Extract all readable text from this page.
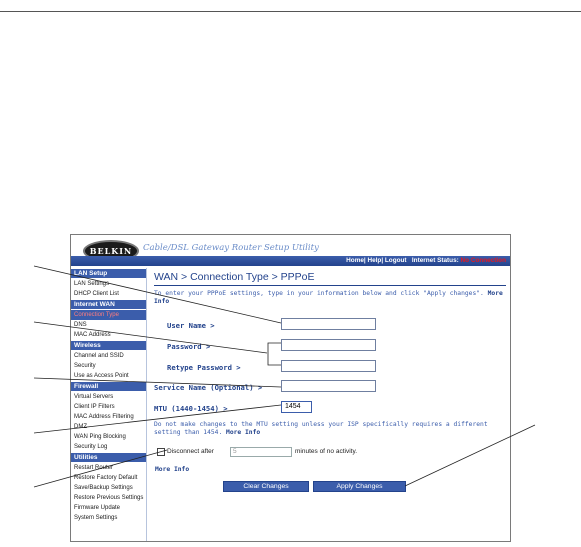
BELKIN Cable/DSL Gateway Router Setup Utility
Home| Help| Logout Internet Status: No Connection
LAN Setup
LAN Settings
DHCP Client List
Internet WAN
Connection Type
DNS
MAC Address
Wireless
Channel and SSID
Security
Use as Access Point
Firewall
Virtual Servers
Client IP Filters
MAC Address Filtering
DMZ
WAN Ping Blocking
Security Log
Utilities
Restart Router
Restore Factory Default
Save/Backup Settings
Restore Previous Settings
Firmware Update
System Settings
WAN > Connection Type > PPPoE
To enter your PPPoE settings, type in your information below and click "Apply changes". More Info
User Name >
Password >
Retype Password >
Service Name (Optional) >
MTU (1440-1454) >	1454
Do not make changes to the MTU setting unless your ISP specifically requires a different setting than 1454. More Info
Disconnect after	5	minutes of no activity.
More Info
Clear Changes	Apply Changes
